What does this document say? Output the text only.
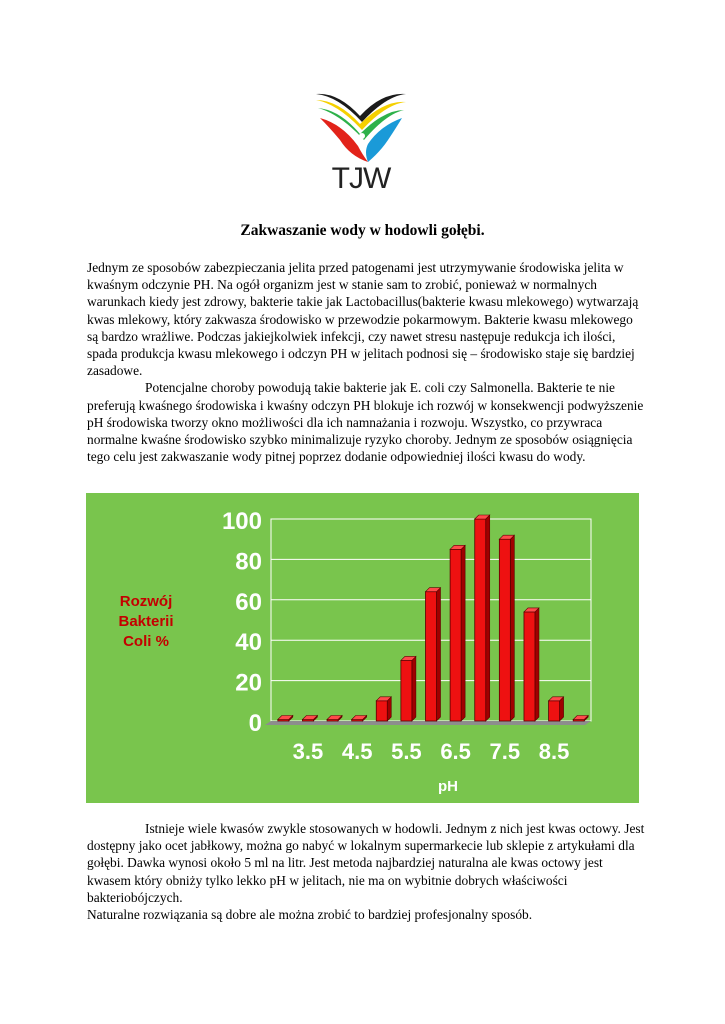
TJW
Zakwaszanie wody w hodowli gołębi.

Jednym ze sposobów zabezpieczania jelita przed patogenami jest utrzymywanie środowiska jelita w kwaśnym odczynie PH. Na ogół organizm jest w stanie sam to zrobić, ponieważ w normalnych warunkach kiedy jest zdrowy, bakterie takie jak Lactobacillus(bakterie kwasu mlekowego) wytwarzają kwas mlekowy, który zakwasza środowisko w przewodzie pokarmowym. Bakterie kwasu mlekowego są bardzo wrażliwe. Podczas jakiejkolwiek infekcji, czy nawet stresu następuje redukcja ich ilości, spada produkcja kwasu mlekowego i odczyn PH w jelitach podnosi się – środowisko staje się bardziej zasadowe.

Potencjalne choroby powodują takie bakterie jak E. coli czy Salmonella. Bakterie te nie preferują kwaśnego środowiska i kwaśny odczyn PH blokuje ich rozwój w konsekwencji podwyższenie pH środowiska tworzy okno możliwości dla ich namnażania i rozwoju. Wszystko, co przywraca normalne kwaśne środowisko szybko minimalizuje ryzyko choroby. Jednym ze sposobów osiągnięcia tego celu jest zakwaszanie wody pitnej poprzez dodanie odpowiedniej ilości kwasu do wody.

100
80
60
40
20
0
3.5 4.5 5.5 6.5 7.5 8.5
Rozwój
Bakterii
Coli %
pH

Istnieje wiele kwasów zwykle stosowanych w hodowli. Jednym z nich jest kwas octowy. Jest dostępny jako ocet jabłkowy, można go nabyć w lokalnym supermarkecie lub sklepie z artykułami dla gołębi. Dawka wynosi około 5 ml na litr. Jest metoda najbardziej naturalna ale kwas octowy jest kwasem który obniży tylko lekko pH w jelitach, nie ma on wybitnie dobrych właściwości bakteriobójczych.

Naturalne rozwiązania są dobre ale można zrobić to bardziej profesjonalny sposób.
